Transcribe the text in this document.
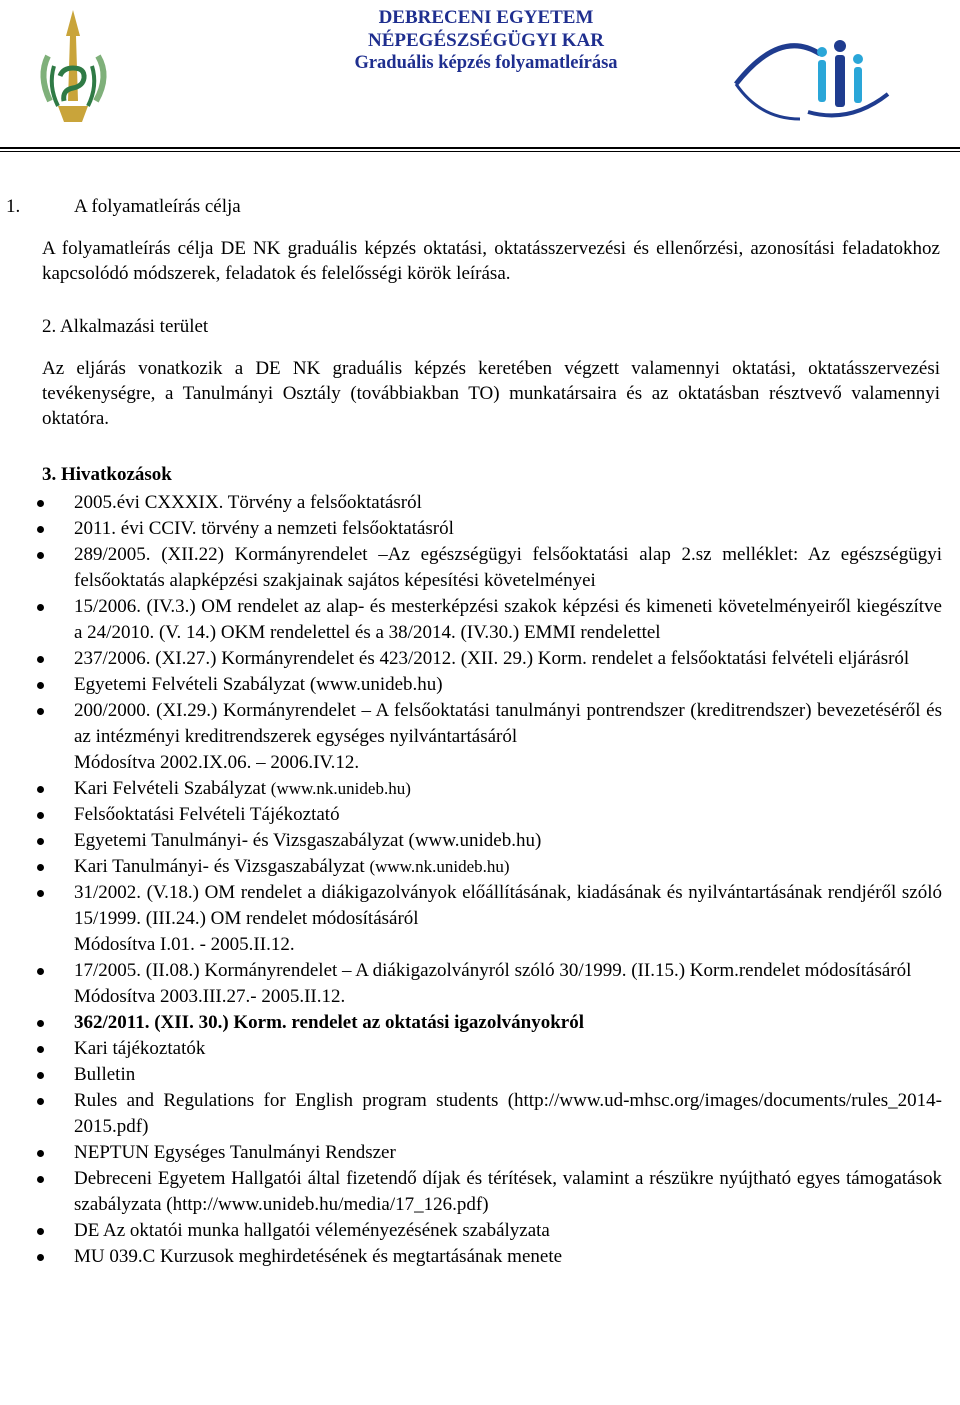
DEBRECENI EGYETEM
NÉPEGÉSZSÉGÜGYI KAR
Graduális képzés folyamatleírása
1.	A folyamatleírás célja
A folyamatleírás célja DE NK graduális képzés oktatási, oktatásszervezési és ellenőrzési, azonosítási feladatokhoz kapcsolódó módszerek, feladatok és felelősségi körök leírása.
2. Alkalmazási terület
Az eljárás vonatkozik a DE NK graduális képzés keretében végzett valamennyi oktatási, oktatásszervezési tevékenységre, a Tanulmányi Osztály (továbbiakban TO) munkatársaira és az oktatásban résztvevő valamennyi oktatóra.
3. Hivatkozások
2005.évi CXXXIX. Törvény a felsőoktatásról
2011. évi CCIV. törvény a nemzeti felsőoktatásról
289/2005. (XII.22) Kormányrendelet –Az egészségügyi felsőoktatási alap 2.sz melléklet: Az egészségügyi felsőoktatás alapképzési szakjainak sajátos képesítési követelményei
15/2006. (IV.3.) OM rendelet az alap- és mesterképzési szakok képzési és kimeneti követelményeiről kiegészítve a 24/2010. (V. 14.) OKM rendelettel és a 38/2014. (IV.30.) EMMI rendelettel
237/2006. (XI.27.) Kormányrendelet és 423/2012. (XII. 29.) Korm. rendelet a felsőoktatási felvételi eljárásról
Egyetemi Felvételi Szabályzat (www.unideb.hu)
200/2000. (XI.29.) Kormányrendelet – A felsőoktatási tanulmányi pontrendszer (kreditrendszer) bevezetéséről és az intézményi kreditrendszerek egységes nyilvántartásáról
Módosítva 2002.IX.06. – 2006.IV.12.
Kari Felvételi Szabályzat (www.nk.unideb.hu)
Felsőoktatási Felvételi Tájékoztató
Egyetemi Tanulmányi- és Vizsgaszabályzat (www.unideb.hu)
Kari Tanulmányi- és Vizsgaszabályzat (www.nk.unideb.hu)
31/2002. (V.18.) OM rendelet a diákigazolványok előállításának, kiadásának és nyilvántartásának rendjéről szóló 15/1999. (III.24.) OM rendelet módosításáról
Módosítva I.01. - 2005.II.12.
17/2005. (II.08.) Kormányrendelet – A diákigazolványról szóló 30/1999. (II.15.) Korm.rendelet módosításáról
Módosítva 2003.III.27.- 2005.II.12.
362/2011. (XII. 30.) Korm. rendelet az oktatási igazolványokról
Kari tájékoztatók
Bulletin
Rules and Regulations for English program students (http://www.ud-mhsc.org/images/documents/rules_2014-2015.pdf)
NEPTUN Egységes Tanulmányi Rendszer
Debreceni Egyetem Hallgatói által fizetendő díjak és térítések, valamint a részükre nyújtható egyes támogatások szabályzata (http://www.unideb.hu/media/17_126.pdf)
DE Az oktatói munka hallgatói véleményezésének szabályzata
MU 039.C Kurzusok meghirdetésének és megtartásának menete
